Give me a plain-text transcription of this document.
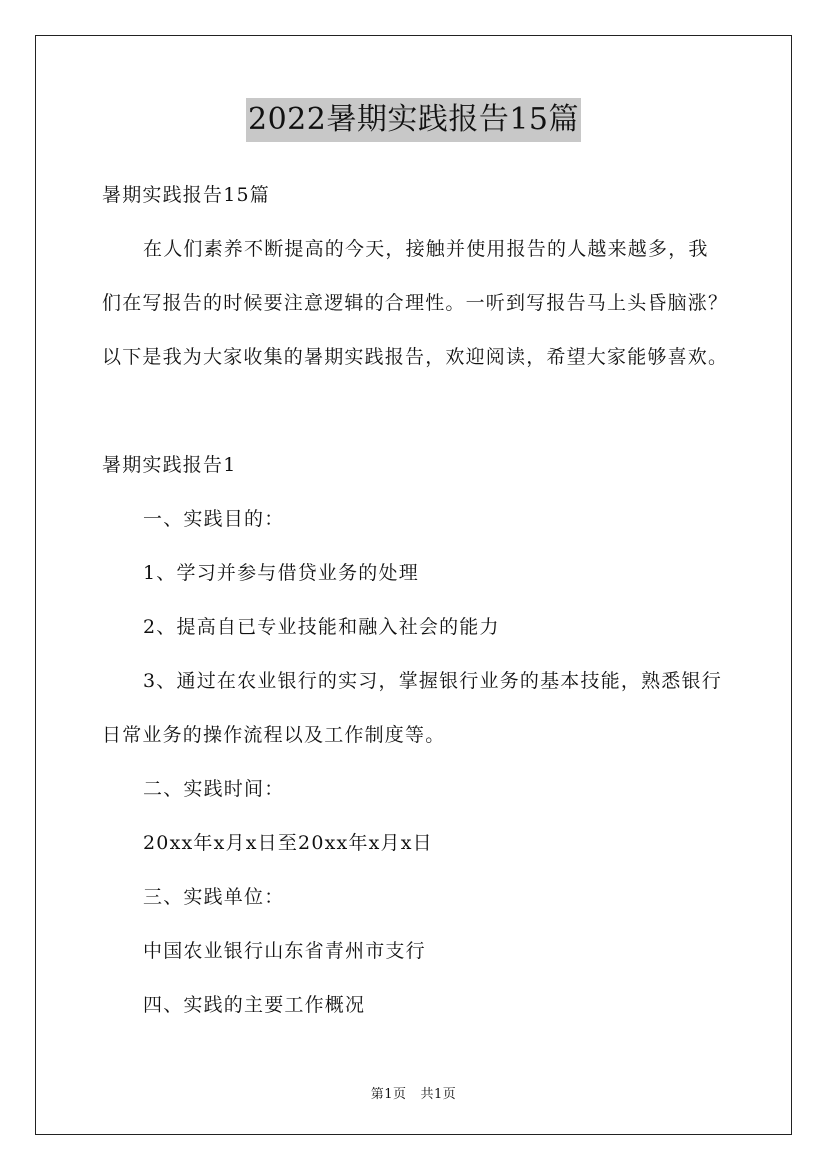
2022暑期实践报告15篇
暑期实践报告15篇
在人们素养不断提高的今天，接触并使用报告的人越来越多，我
们在写报告的时候要注意逻辑的合理性。一听到写报告马上头昏脑涨？
以下是我为大家收集的暑期实践报告，欢迎阅读，希望大家能够喜欢。
暑期实践报告1
一、实践目的：
1、学习并参与借贷业务的处理
2、提高自已专业技能和融入社会的能力
3、通过在农业银行的实习，掌握银行业务的基本技能，熟悉银行
日常业务的操作流程以及工作制度等。
二、实践时间：
20xx年x月x日至20xx年x月x日
三、实践单位：
中国农业银行山东省青州市支行
四、实践的主要工作概况
第1页 共1页
